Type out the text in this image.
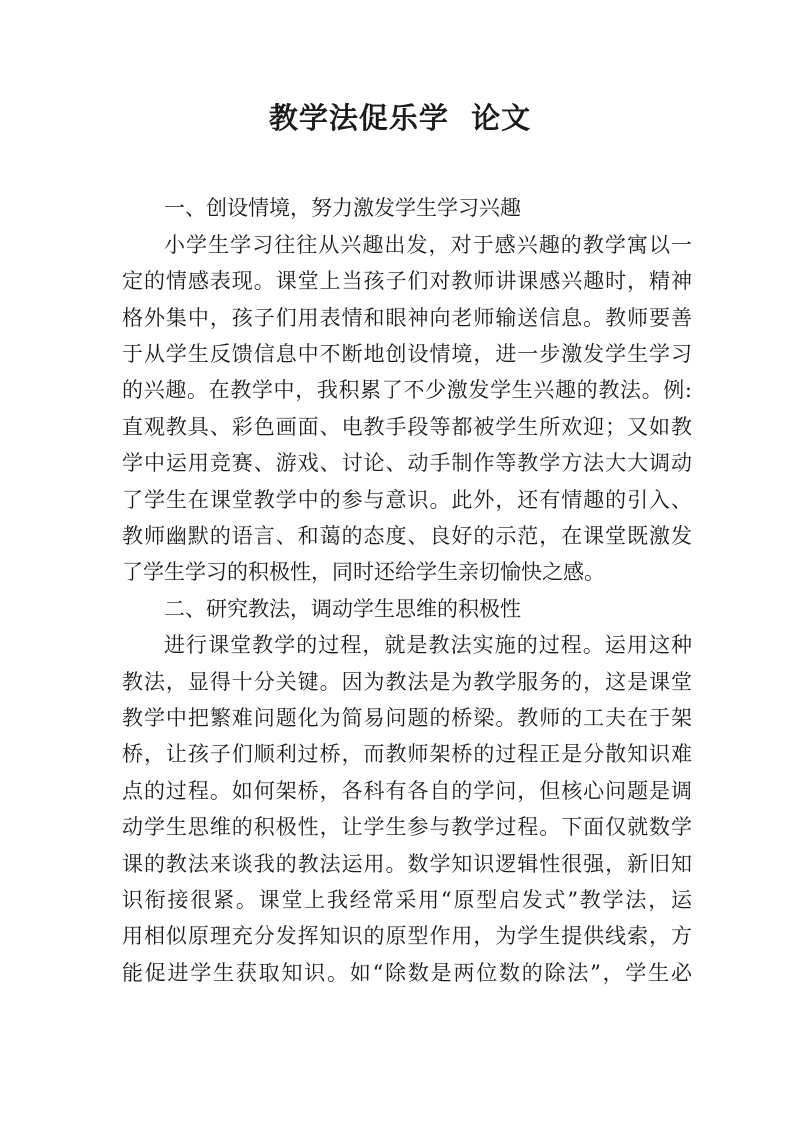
教学法促乐学  论文
一、创设情境，努力激发学生学习兴趣
小学生学习往往从兴趣出发，对于感兴趣的教学寓以一
定的情感表现。课堂上当孩子们对教师讲课感兴趣时，精神
格外集中，孩子们用表情和眼神向老师输送信息。教师要善
于从学生反馈信息中不断地创设情境，进一步激发学生学习
的兴趣。在教学中，我积累了不少激发学生兴趣的教法。例:
直观教具、彩色画面、电教手段等都被学生所欢迎；又如教
学中运用竞赛、游戏、讨论、动手制作等教学方法大大调动
了学生在课堂教学中的参与意识。此外，还有情趣的引入、
教师幽默的语言、和蔼的态度、良好的示范，在课堂既激发
了学生学习的积极性，同时还给学生亲切愉快之感。
二、研究教法，调动学生思维的积极性
进行课堂教学的过程，就是教法实施的过程。运用这种
教法，显得十分关键。因为教法是为教学服务的，这是课堂
教学中把繁难问题化为简易问题的桥梁。教师的工夫在于架
桥，让孩子们顺利过桥，而教师架桥的过程正是分散知识难
点的过程。如何架桥，各科有各自的学问，但核心问题是调
动学生思维的积极性，让学生参与教学过程。下面仅就数学
课的教法来谈我的教法运用。数学知识逻辑性很强，新旧知
识衔接很紧。课堂上我经常采用“原型启发式”教学法，运
用相似原理充分发挥知识的原型作用，为学生提供线索，方
能促进学生获取知识。如“除数是两位数的除法”，学生必
